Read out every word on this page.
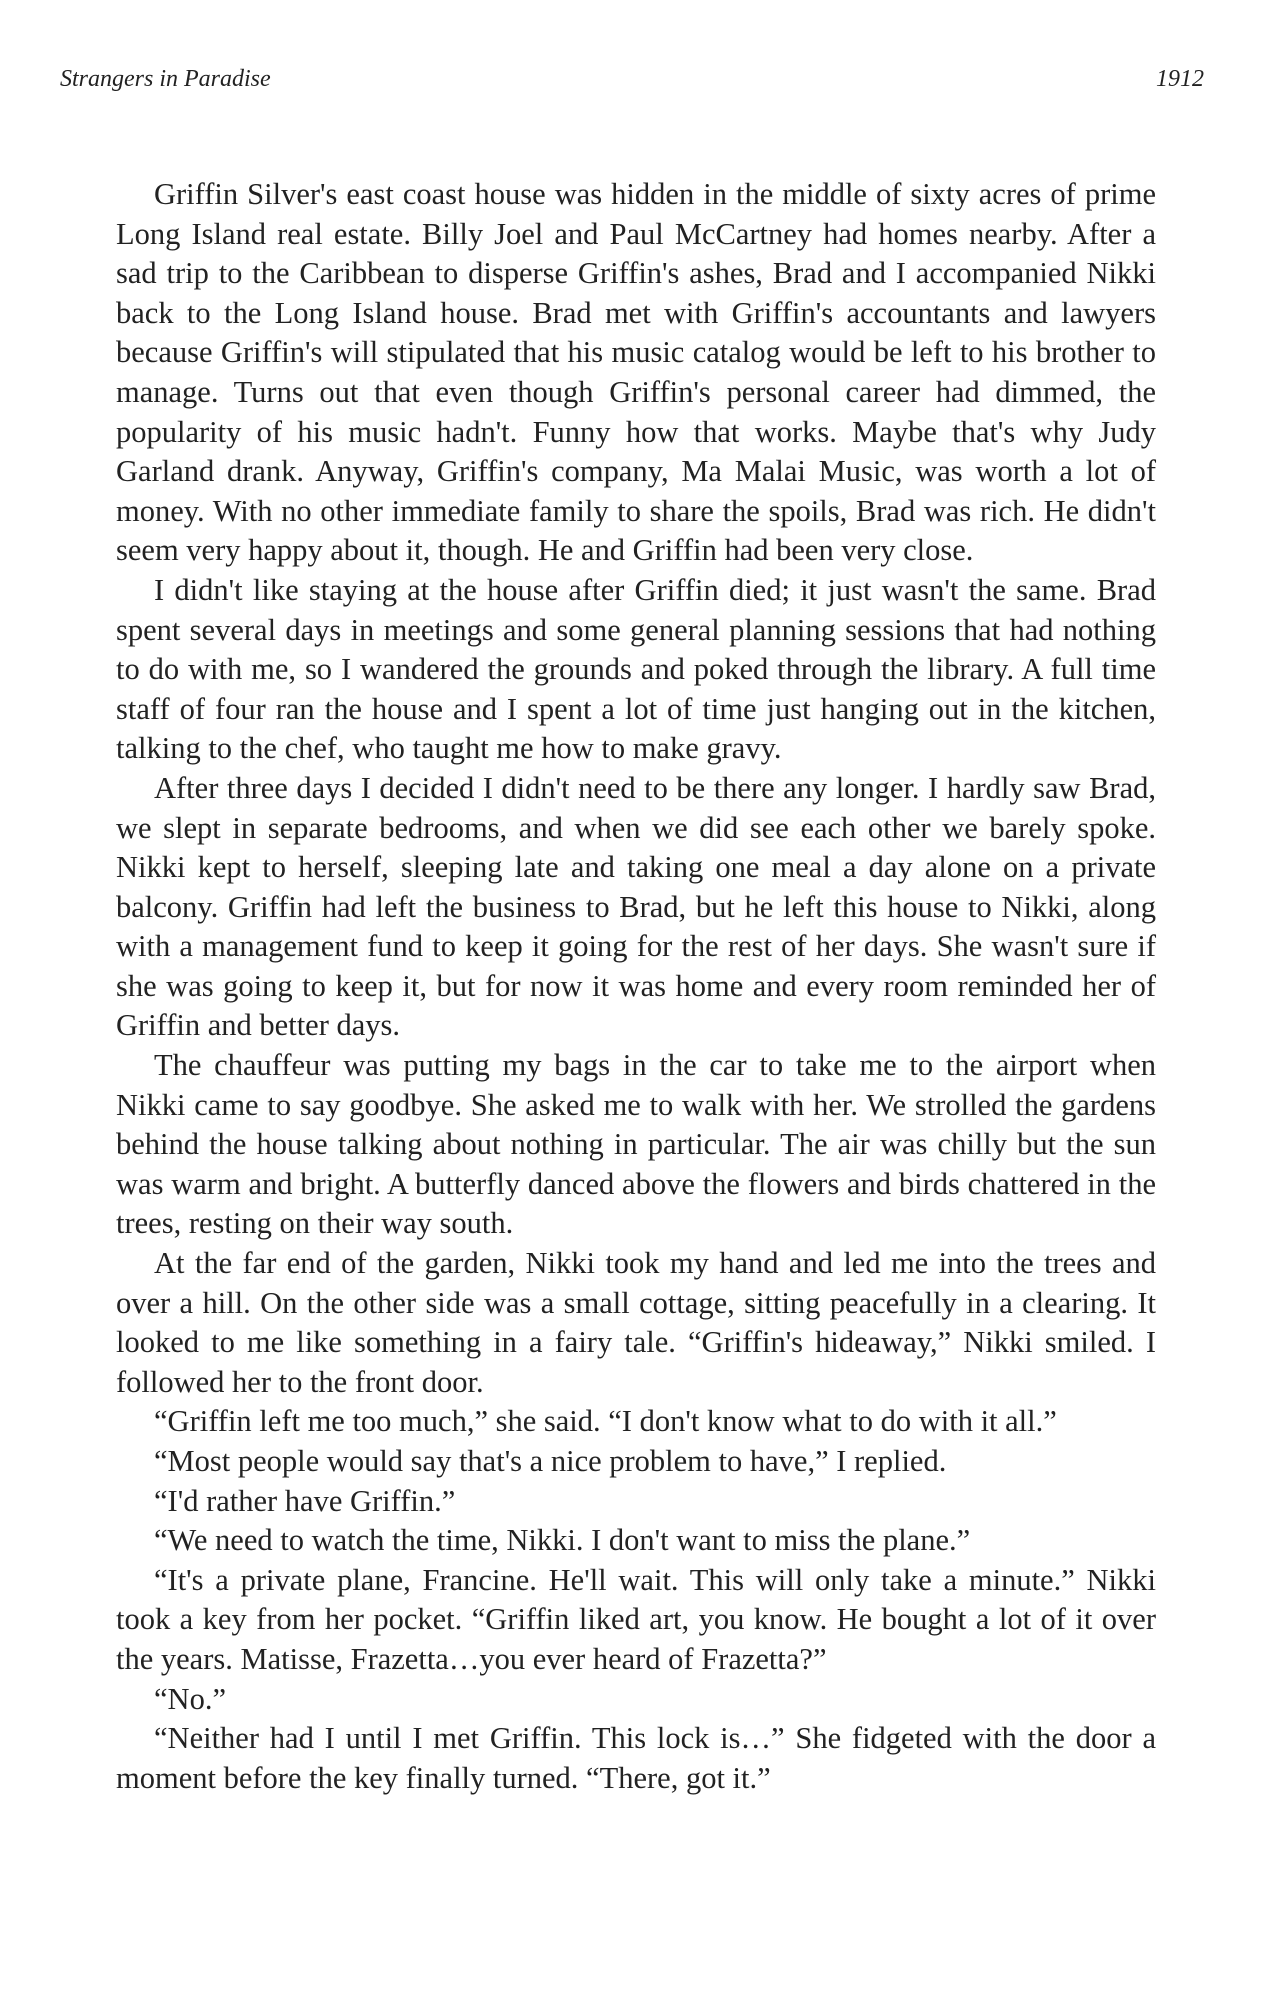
Strangers in Paradise	1912

Griffin Silver's east coast house was hidden in the middle of sixty acres of prime Long Island real estate. Billy Joel and Paul McCartney had homes nearby. After a sad trip to the Caribbean to disperse Griffin's ashes, Brad and I accompanied Nikki back to the Long Island house. Brad met with Griffin's accountants and lawyers because Griffin's will stipulated that his music catalog would be left to his brother to manage. Turns out that even though Griffin's personal career had dimmed, the popularity of his music hadn't. Funny how that works. Maybe that's why Judy Garland drank. Anyway, Griffin's company, Ma Malai Music, was worth a lot of money. With no other immediate family to share the spoils, Brad was rich. He didn't seem very happy about it, though. He and Griffin had been very close.

I didn't like staying at the house after Griffin died; it just wasn't the same. Brad spent several days in meetings and some general planning sessions that had nothing to do with me, so I wandered the grounds and poked through the library. A full time staff of four ran the house and I spent a lot of time just hanging out in the kitchen, talking to the chef, who taught me how to make gravy.

After three days I decided I didn't need to be there any longer. I hardly saw Brad, we slept in separate bedrooms, and when we did see each other we barely spoke. Nikki kept to herself, sleeping late and taking one meal a day alone on a private balcony. Griffin had left the business to Brad, but he left this house to Nikki, along with a management fund to keep it going for the rest of her days. She wasn't sure if she was going to keep it, but for now it was home and every room reminded her of Griffin and better days.

The chauffeur was putting my bags in the car to take me to the airport when Nikki came to say goodbye. She asked me to walk with her. We strolled the gardens behind the house talking about nothing in particular. The air was chilly but the sun was warm and bright. A butterfly danced above the flowers and birds chattered in the trees, resting on their way south.

At the far end of the garden, Nikki took my hand and led me into the trees and over a hill. On the other side was a small cottage, sitting peacefully in a clearing. It looked to me like something in a fairy tale. “Griffin's hideaway,” Nikki smiled. I followed her to the front door.

“Griffin left me too much,” she said. “I don't know what to do with it all.”

“Most people would say that's a nice problem to have,” I replied.

“I'd rather have Griffin.”

“We need to watch the time, Nikki. I don't want to miss the plane.”

“It's a private plane, Francine. He'll wait. This will only take a minute.” Nikki took a key from her pocket. “Griffin liked art, you know. He bought a lot of it over the years. Matisse, Frazetta…you ever heard of Frazetta?”

“No.”

“Neither had I until I met Griffin. This lock is…” She fidgeted with the door a moment before the key finally turned. “There, got it.”
